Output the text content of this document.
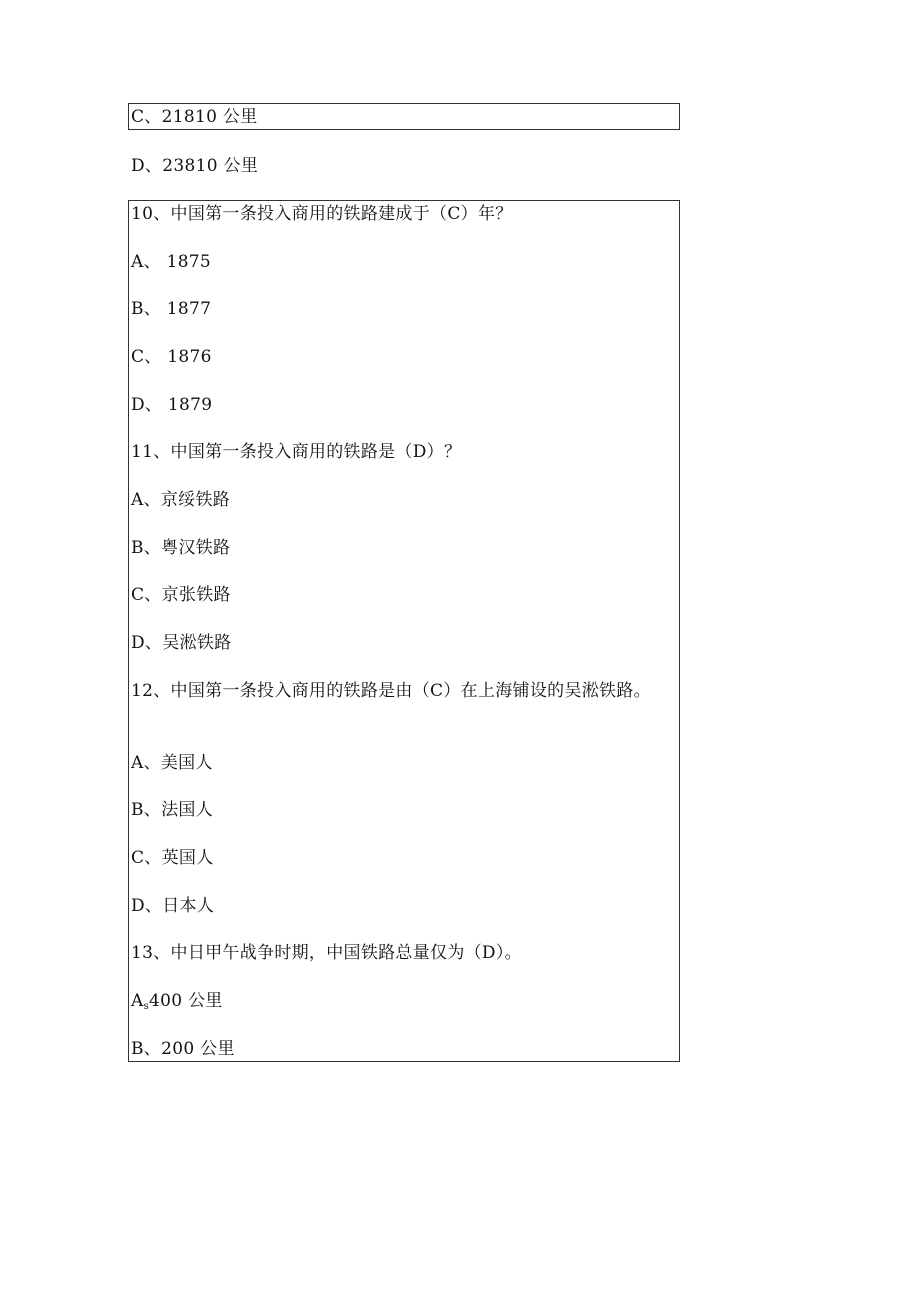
C、21810 公里
D、23810 公里
10、中国第一条投入商用的铁路建成于（C）年？
A、 1875
B、 1877
C、 1876
D、 1879
11、中国第一条投入商用的铁路是（D）？
A、京绥铁路
B、粤汉铁路
C、京张铁路
D、吴淞铁路
12、中国第一条投入商用的铁路是由（C）在上海铺设的吴淞铁路。
A、美国人
B、法国人
C、英国人
D、日本人
13、中日甲午战争时期，中国铁路总量仅为（D）。
$A_s400$ 公里
B、200 公里
